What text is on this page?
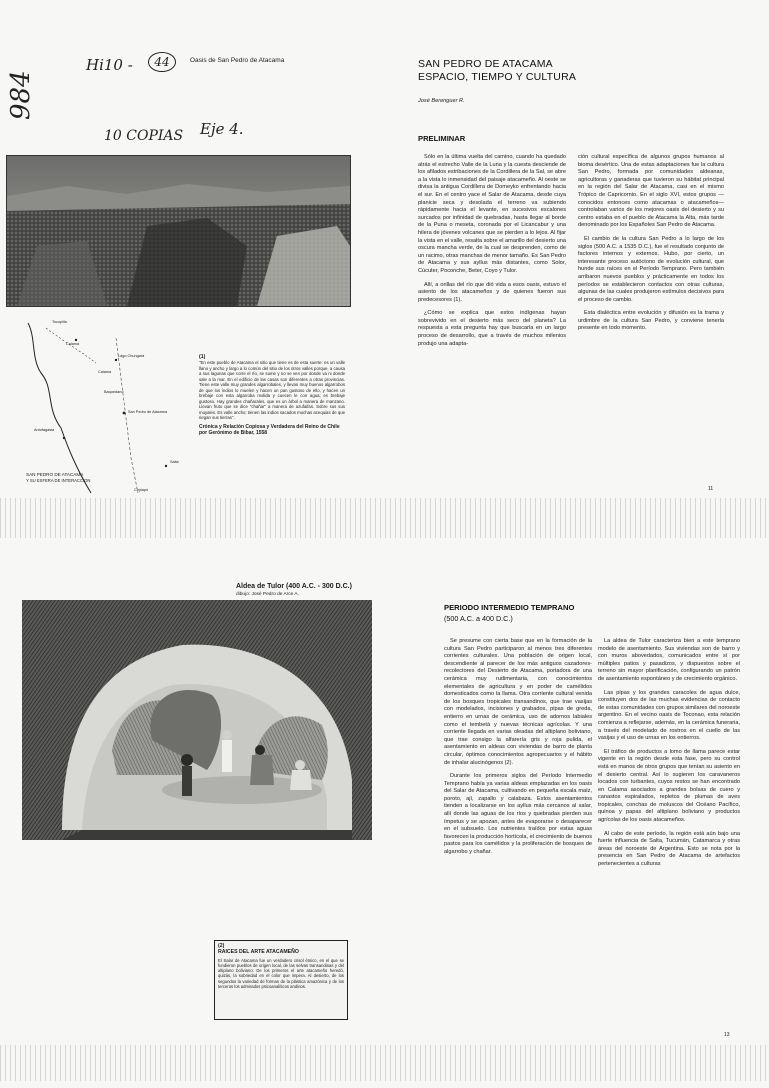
984
Hi10 -	44
10 COPIAS Eje 4.
Oasis de San Pedro de Atacama
Tocopilla
Calama
Lago Chungará
Calama
Baquedano
Antofagasta
San Pedro de Atacama
Salta
Copiapó
SAN PEDRO DE ATACAMA
Y SU ESFERA DE INTERACCION
(1)
"En este pueblo de Atacama el sitio que tiene es de esta suerte: es un valle llano y ancho y largo a lo común del sitio de los otros valles porque, a causa a sus lagunas que corre el río, se sume y no se ven por donde va ni donde sale a la mar. En el edificio de las casas son diferentes a otras provincias. Tiene este valle muy grandes algarrobales, y llevan muy buenos algarrobos de que los indios lo muelen y hacen un pan gustoso de ello, y hacen un brebaje con esta algarroba molida y cuecen le con agua; es brebaje gustoso. Hay grandes chañarales, que es un árbol a manera de manzano. Llevan fruto que se dice "chañar" a manera de azufaifas. Sobre sus sus muyales. Es valle ancho; tienen las indios sacados muchas acequias de que riegan sus tierras".
Crónica y Relación Copiosa y Verdadera del Reino de Chile por Gerónimo de Bibar, 1558
SAN PEDRO DE ATACAMA
ESPACIO, TIEMPO Y CULTURA
José Berenguer R.
PRELIMINAR

Sólo en la última vuelta del camino, cuando ha quedado atrás el estrecho Valle de la Luna y la cuesta desciende de los afilados estribaciones de la Cordillera de la Sal, se abre a la vista lo inmensidad del paisaje atacameño. Al oeste se divisa la antigua Cordillera de Domeyko enfrentando hacia el sur. En el centro yace el Salar de Atacama, desde cuya planicie seca y desolada el terreno va subiendo rápidamente hacia el levante, en sucesivos escalones surcados por infinidad de quebradas, hasta llegar al borde de la Puna o meseta, coronada por el Licancabur y una hilera de jóvenes volcanes que se pierden a lo lejos. Al fijar la vista en el valle, resalta sobre el amarillo del desierto una oscura mancha verde, de la cual se desprenden, como de un racimo, otras manchas de menor tamaño. Es San Pedro de Atacama y sus ayllus más distantes, como Solor, Cúcuter, Poconche, Beter, Coyo y Tulor.

Allí, a orillas del río que dió vida a esos oasis, estuvo el asiento de los atacameños y de quienes fueron sus predecesores (1).

¿Cómo se explica que estos indígenas hayan sobrevivido en el desierto más seco del planeta? La respuesta a esta pregunta hay que buscarla en un largo proceso de desarrollo, que a través de muchos milenios produjo una adapta-

ción cultural específica de algunos grupos humanos al bioma desértico. Una de estas adaptaciones fue la cultura San Pedro, formada por comunidades aldeanas, agricultoras y ganaderas que tuvieron su hábitat principal en la región del Salar de Atacama, casi en el mismo Trópico de Capricornio. En el siglo XVI, estos grupos —conocidos entonces como atacamas o atacameños— controlaban varios de los mejores oasis del desierto y su centro estaba en el pueblo de Atacama la Alta, más tarde denominado por los Españoles San Pedro de Atacama.

El cambio de la cultura San Pedro a lo largo de los siglos (500 A.C. a 1535 D.C.), fue el resultado conjunto de factores internos y externos. Hubo, por cierto, un interesante proceso autóctono de evolución cultural, que hunde sus raíces en el Período Temprano. Pero también arribaron nuevos pueblos y prácticamente en todos los períodos se establecieron contactos con otras culturas, algunas de las cuales produjeron estímulos decisivos para el proceso de cambio.

Esta dialéctica entre evolución y difusión es la trama y urdimbre de la cultura San Pedro, y conviene tenerla presente en todo momento.

11
Aldea de Tulor (400 A.C. - 300 D.C.)
dibujo: José Pedro de Arce A.
(2)
RAICES DEL ARTE ATACAMEÑO
El Salar de Atacama fue un verdadero crisol étnico, en el que se fundieron pueblos de origen local, de las selvas transandinas y del altiplano boliviano. De los primeros el arte atacameño heredó, quizás, la sobriedad en el color que impera. Al desierto, de los segundos la variedad de formas de la plástica amazónica y de los terceros los admirados psicoanalíticos andinos.
PERIODO INTERMEDIO TEMPRANO
(500 A.C. a 400 D.C.)

Se presume con cierta base que en la formación de la cultura San Pedro participaron al menos tres diferentes corrientes culturales. Una población de origen local, descendiente al parecer de los más antiguos cazadores-recolectores del Desierto de Atacama, portadora de una cerámica muy rudimentaria, con conocimientos elementales de agricultura y en poder de camélidos domesticados como la llama. Otra corriente cultural venida de los bosques tropicales transandinos, que trae vasijas con modelados, incisiones y grabados, pipas de greda, entierro en urnas de cerámica, uso de adornos labiales como el tembetá y nuevas técnicas agrícolas. Y una corriente llegada en varias oleadas del altiplano boliviano, que trae consigo la alfarería gris y roja pulida, el asentamiento en aldeas con viviendas de barro de planta circular, óptimos conocimientos agropecuarios y el hábito de inhalar alucinógenos (2).

Durante los primeros siglos del Período Intermedio Temprano había ya varias aldeas emplazadas en los oasis del Salar de Atacama, cultivando en pequeña escala maíz, poroto, ají, zapallo y calabaza. Estos asentamientos tienden a localizarse en los ayllus más cercanos al salar, allí donde las aguas de los ríos y quebradas pierden sus ímpetus y se apozan, antes de evaporarse o desaparecer en el subsuelo. Los nutrientes traídos por estas aguas favorecen la producción hortícola, el crecimiento de buenos pastos para los camélidos y la proliferación de bosques de algarrobo y chañar.

La aldea de Tulor caracteriza bien a este temprano modelo de asentamiento. Sus viviendas son de barro y con muros abovedados, comunicados entre sí por múltiples patios y pasadizos, y dispuestos sobre el terreno sin mayor planificación, configurando un patrón de asentamiento espontáneo y de crecimiento orgánico.

Las pipas y los grandes caracoles de agua dulce, constituyen dos de las muchas evidencias de contacto de estas comunidades con grupos similares del noroeste argentino. En el vecino oasis de Toconao, esta relación comienza a reflejarse, además, en la cerámica funeraria, a través del modelado de rostros en el cuello de las vasijas y el uso de urnas en los entierros.

El tráfico de productos a lomo de llama parece estar vigente en la región desde esta fase, pero su control está en manos de otros grupos que tenían su asiento en el desierto central. Así lo sugieren los caravaneros locados con turbantes, cuyos restos se han encontrado en Calama asociados a grandes bolsas de cuero y canastos espiralados, repletos de plumas de aves tropicales, conchas de moluscos del Océano Pacífico, quinoa y papas del altiplano boliviano y productos agrícolas de los oasis atacameños.

Al cabo de este período, la región está aún bajo una fuerte influencia de Salta, Tucumán, Catamarca y otras áreas del noroeste de Argentina. Esto se nota por la presencia en San Pedro de Atacama de artefactos pertenecientes a culturas

13
